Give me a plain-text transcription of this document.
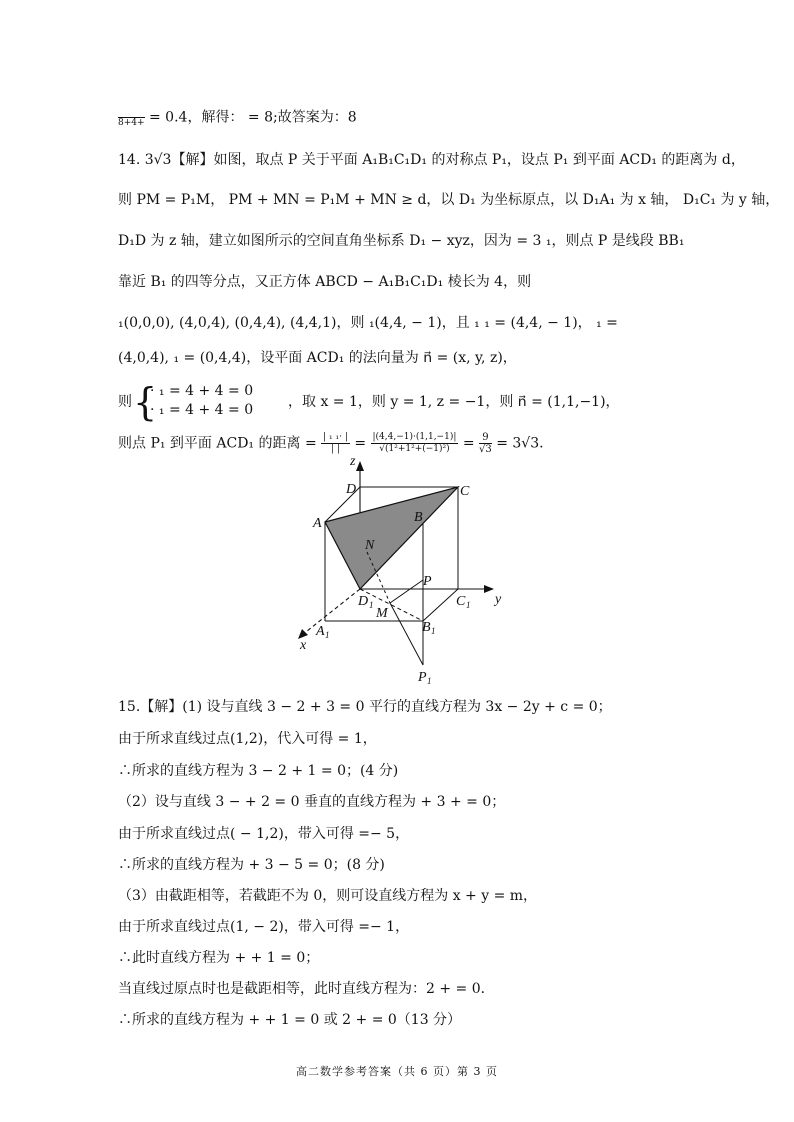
8+4+ = 0.4，解得： = 8;故答案为：8
14. 3√3【解】如图，取点 P 关于平面 A₁B₁C₁D₁ 的对称点 P₁，设点 P₁ 到平面 ACD₁ 的距离为 d，
则 PM = P₁M， PM + MN = P₁M + MN ≥ d，以 D₁ 为坐标原点，以 D₁A₁ 为 x 轴， D₁C₁ 为 y 轴，
D₁D 为 z 轴，建立如图所示的空间直角坐标系 D₁ − xyz，因为 = 3 ₁，则点 P 是线段 BB₁
靠近 B₁ 的四等分点，又正方体 ABCD − A₁B₁C₁D₁ 棱长为 4，则
₁(0,0,0), (4,0,4), (0,4,4), (4,4,1)，则 ₁(4,4, − 1)，且 ₁ ₁ = (4,4, − 1)， ₁ =
(4,0,4), ₁ = (0,4,4)，设平面 ACD₁ 的法向量为 n⃗ = (x, y, z)，
则 {
· ₁ = 4 + 4 = 0
· ₁ = 4 + 4 = 0 ，取 x = 1，则 y = 1, z = −1，则 n⃗ = (1,1,−1)，
则点 P₁ 到平面 ACD₁ 的距离 = $\frac{\text{| ₁ ₁· |}}{| |} = \frac{|(4,4,-1)\cdot(1,1,-1)|}{\text{√(1²+1²+(−1)²)}} = \frac{9}{√3} = 3√3$.
z
y
x
D	C
A	B
N
P
D 1	C 1
M
A 1	B 1
P 1
15.【解】(1) 设与直线 3 − 2 + 3 = 0 平行的直线方程为 3x − 2y + c = 0；
由于所求直线过点(1,2)，代入可得 = 1，
∴所求的直线方程为 3 − 2 + 1 = 0；(4 分)
（2）设与直线 3 − + 2 = 0 垂直的直线方程为 + 3 + = 0；
由于所求直线过点( − 1,2)，带入可得 =− 5，
∴所求的直线方程为 + 3 − 5 = 0；(8 分)
（3）由截距相等，若截距不为 0，则可设直线方程为 x + y = m，
由于所求直线过点(1, − 2)，带入可得 =− 1，
∴此时直线方程为 + + 1 = 0；
当直线过原点时也是截距相等，此时直线方程为：2 + = 0．
∴所求的直线方程为 + + 1 = 0 或 2 + = 0（13 分）
高二数学参考答案（共 6 页）第 3 页
